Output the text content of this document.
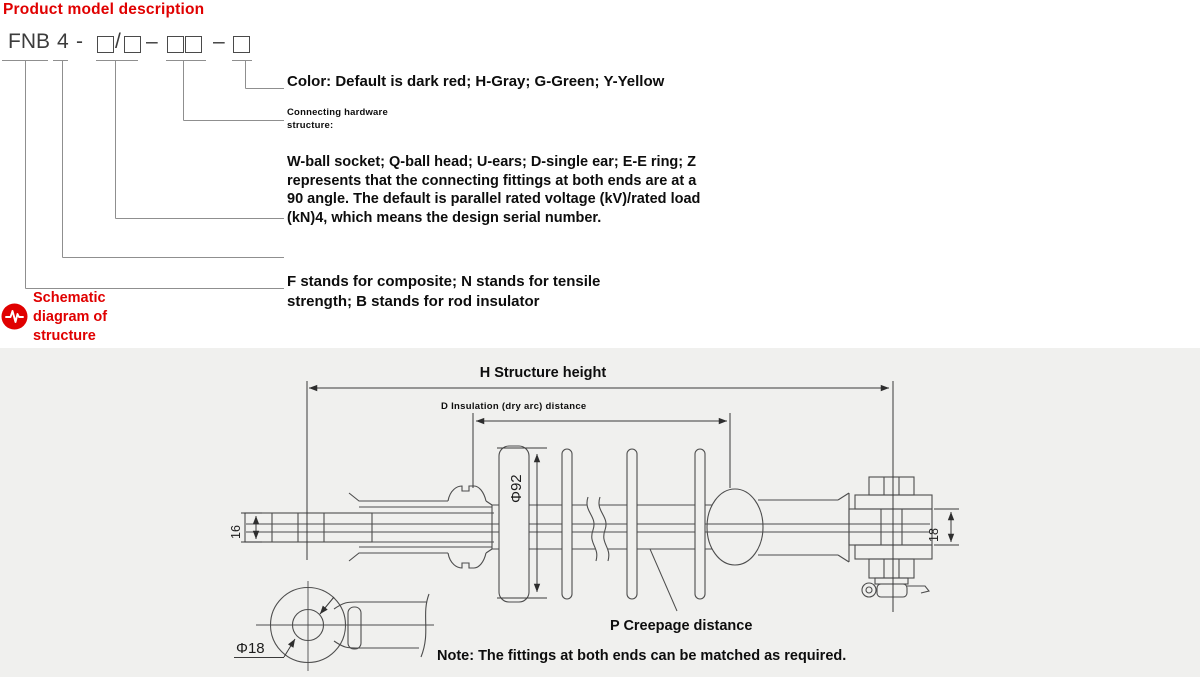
Product model description
FNB 4 - / –	–
Color: Default is dark red; H-Gray; G-Green; Y-Yellow
Connecting hardware structure:
W-ball socket; Q-ball head; U-ears; D-single ear; E-E ring; Z represents that the connecting fittings at both ends are at a 90 angle. The default is parallel rated voltage (kV)/rated load (kN)4, which means the design serial number.
F stands for composite; N stands for tensile strength; B stands for rod insulator
Schematic diagram of structure
H Structure height
D Insulation (dry arc) distance
Φ92
16	18
Φ18
P Creepage distance
Note: The fittings at both ends can be matched as required.
